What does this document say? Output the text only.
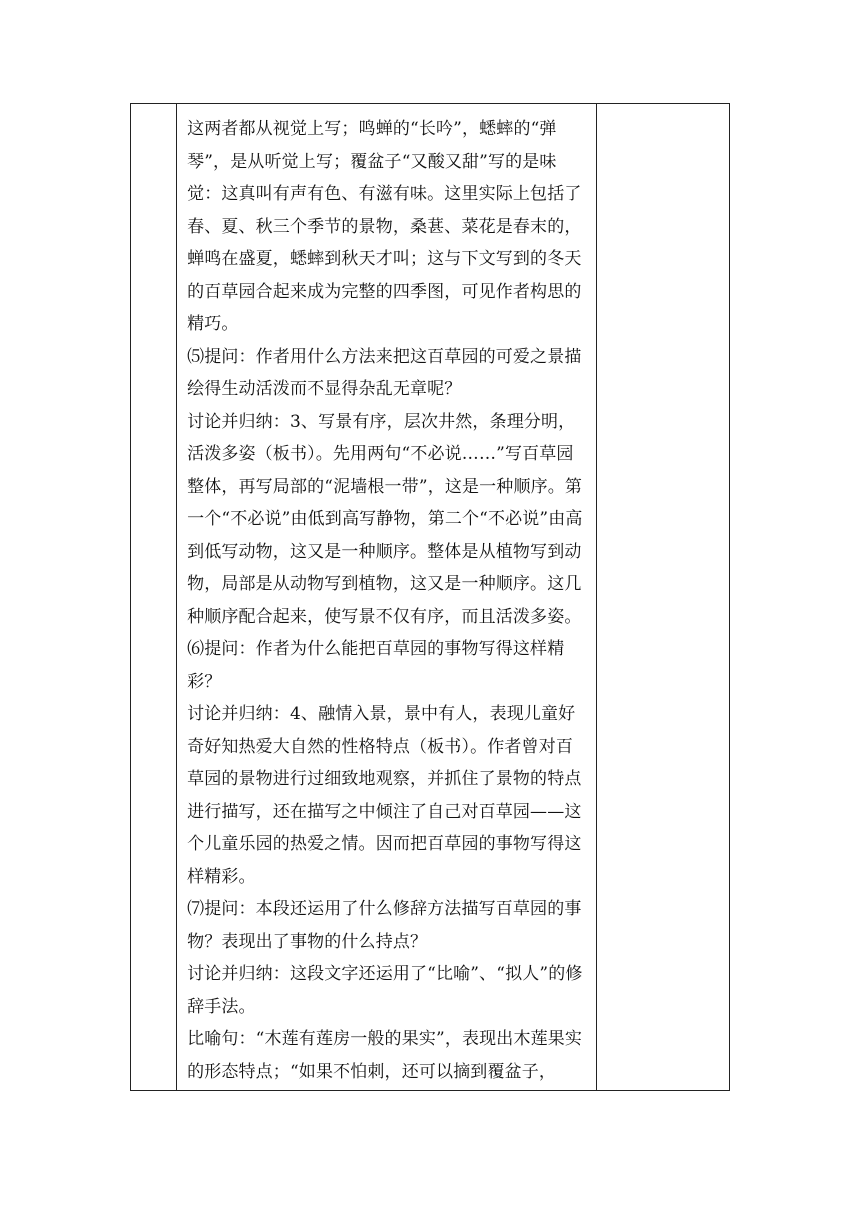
这两者都从视觉上写；鸣蝉的“长吟”，蟋蟀的“弹琴”，是从听觉上写；覆盆子“又酸又甜”写的是味觉：这真叫有声有色、有滋有味。这里实际上包括了春、夏、秋三个季节的景物，桑葚、菜花是春末的，蝉鸣在盛夏，蟋蟀到秋天才叫；这与下文写到的冬天的百草园合起来成为完整的四季图，可见作者构思的精巧。

⑸提问：作者用什么方法来把这百草园的可爱之景描绘得生动活泼而不显得杂乱无章呢？

讨论并归纳：3、写景有序，层次井然，条理分明，活泼多姿（板书）。先用两句“不必说……”写百草园整体，再写局部的“泥墙根一带”，这是一种顺序。第一个“不必说”由低到高写静物，第二个“不必说”由高到低写动物，这又是一种顺序。整体是从植物写到动物，局部是从动物写到植物，这又是一种顺序。这几种顺序配合起来，使写景不仅有序，而且活泼多姿。

⑹提问：作者为什么能把百草园的事物写得这样精彩？

讨论并归纳：4、融情入景，景中有人，表现儿童好奇好知热爱大自然的性格特点（板书）。作者曾对百草园的景物进行过细致地观察，并抓住了景物的特点进行描写，还在描写之中倾注了自己对百草园——这个儿童乐园的热爱之情。因而把百草园的事物写得这样精彩。

⑺提问：本段还运用了什么修辞方法描写百草园的事物？表现出了事物的什么持点？

讨论并归纳：这段文字还运用了“比喻”、“拟人”的修辞手法。

比喻句：“木莲有莲房一般的果实”，表现出木莲果实的形态特点；“如果不怕刺，还可以摘到覆盆子，
